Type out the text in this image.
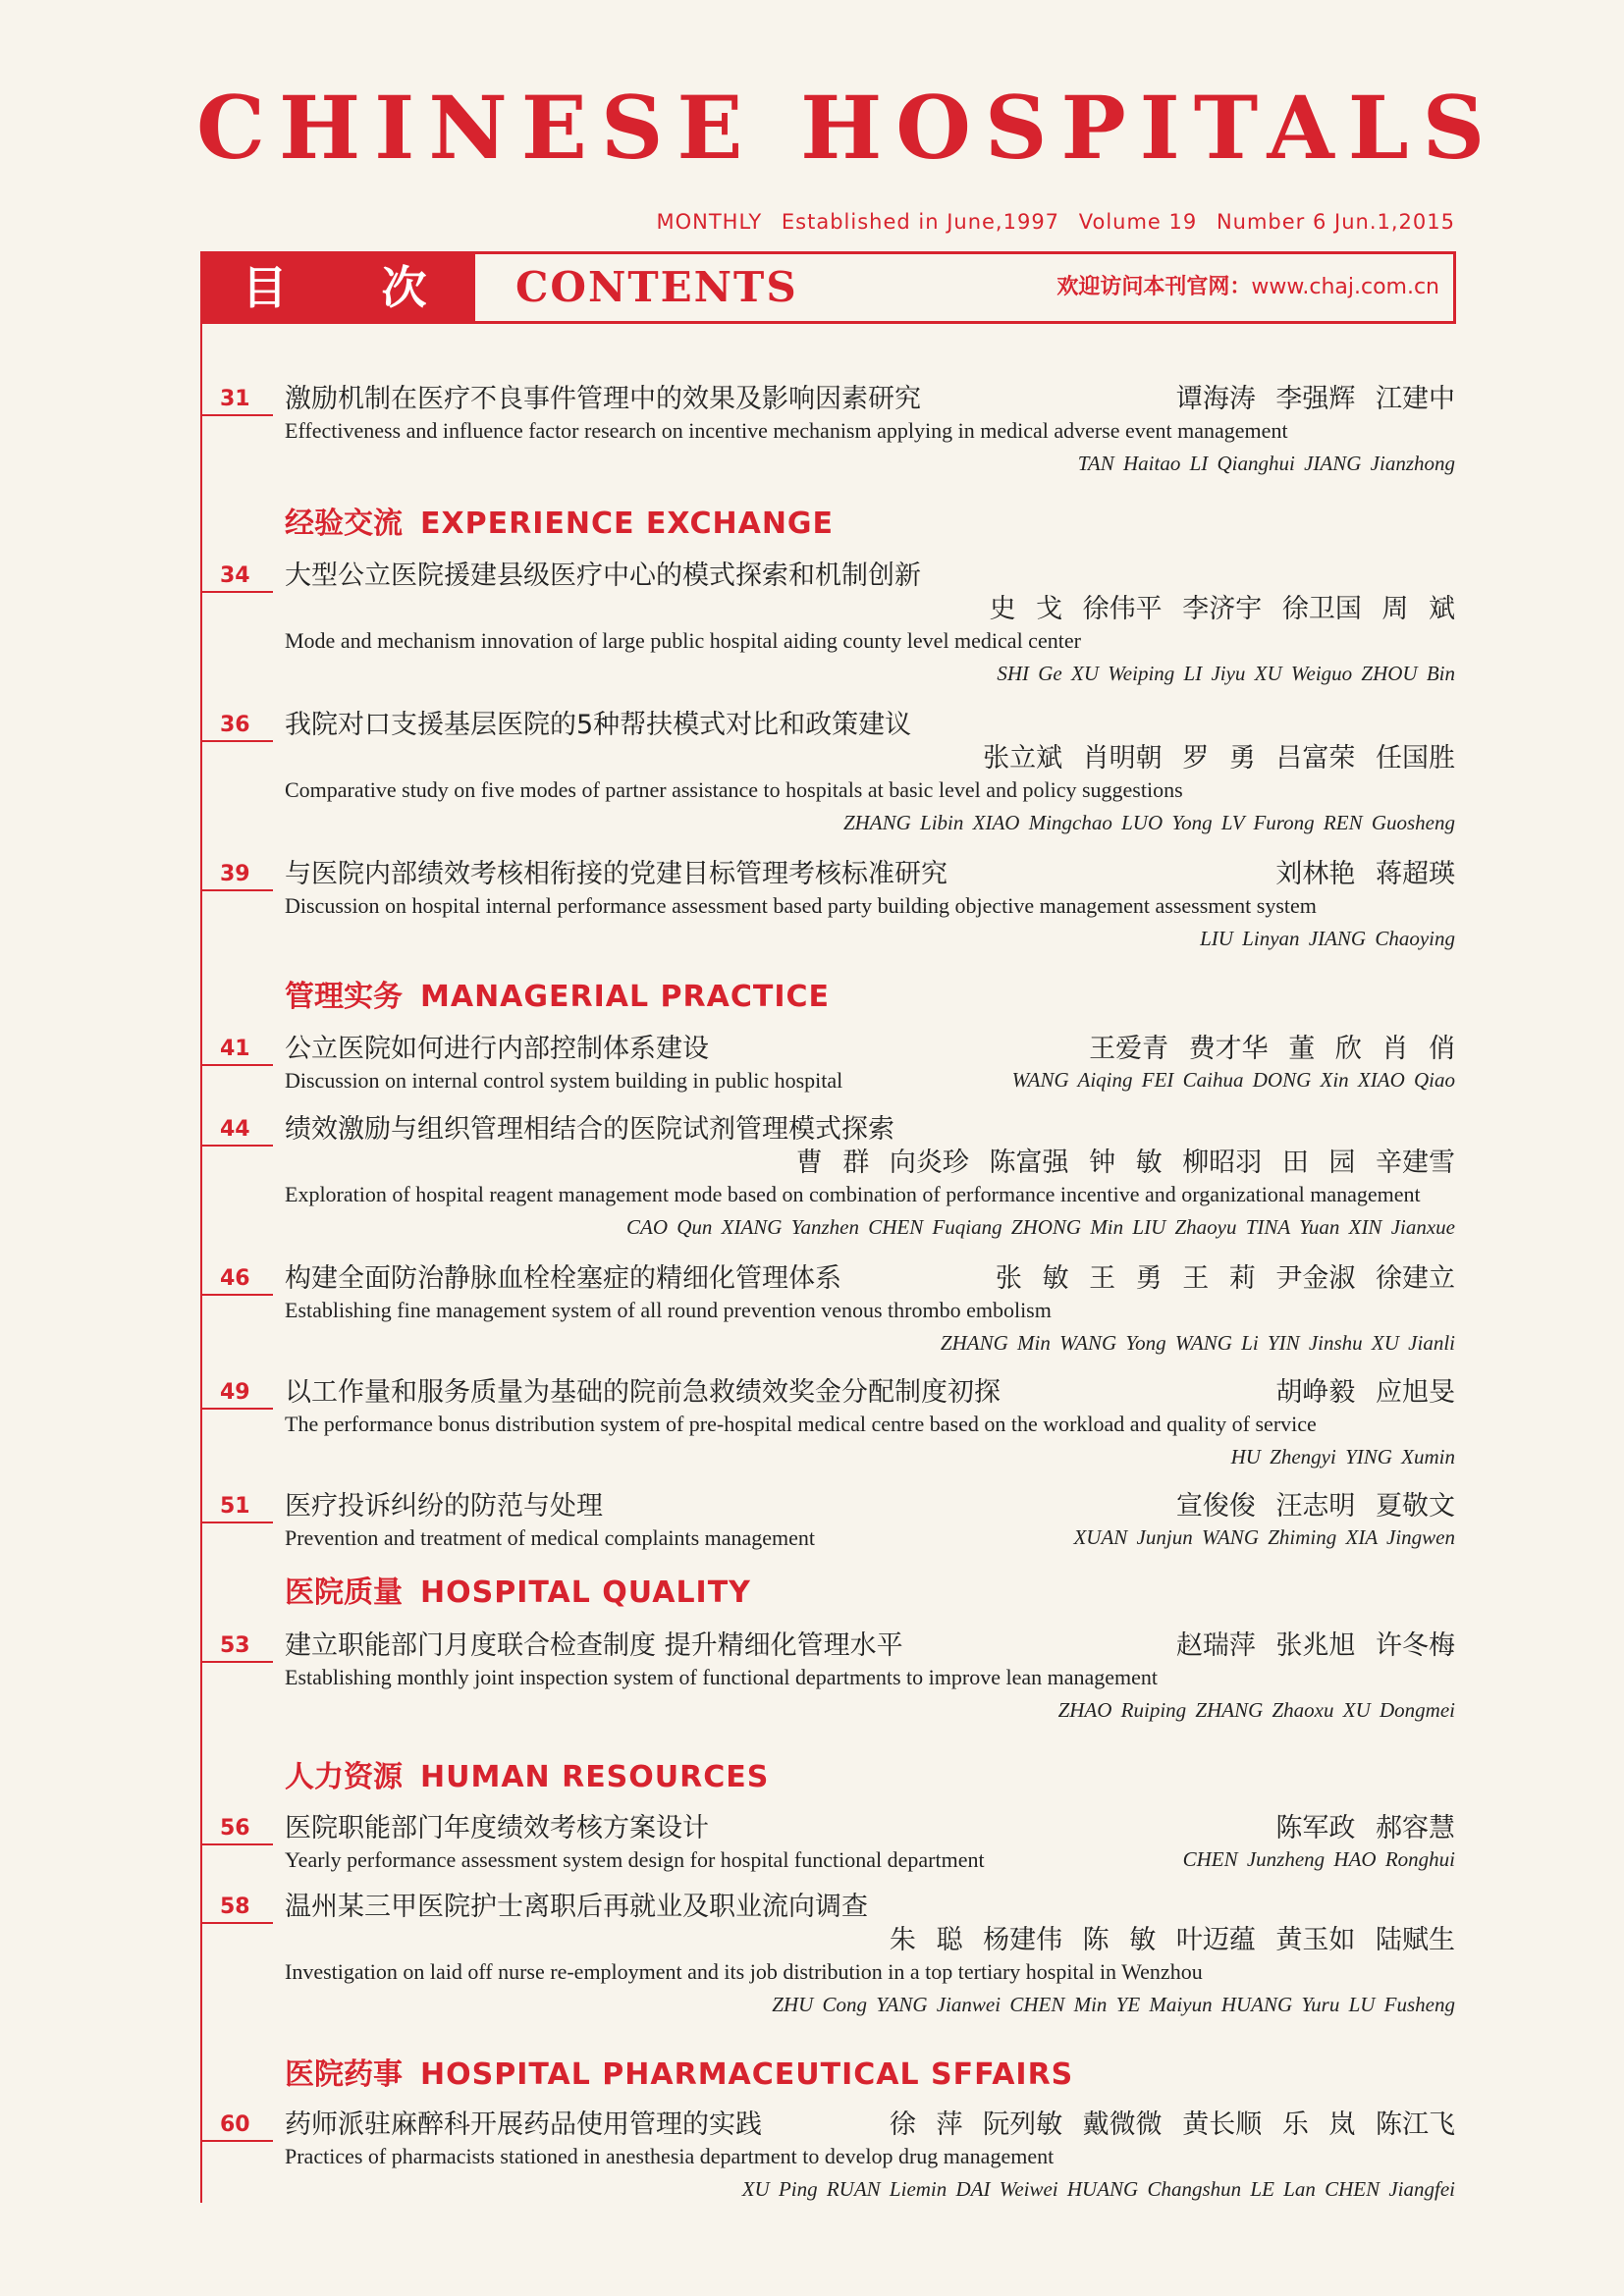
CHINESE HOSPITALS
MONTHLY Established in June,1997 Volume 19 Number 6 Jun.1,2015
目 次 CONTENTS	欢迎访问本刊官网：www.chaj.com.cn
31 激励机制在医疗不良事件管理中的效果及影响因素研究	谭海涛 李强辉 江建中
Effectiveness and influence factor research on incentive mechanism applying in medical adverse event management
TAN Haitao LI Qianghui JIANG Jianzhong
经验交流 EXPERIENCE EXCHANGE
34 大型公立医院援建县级医疗中心的模式探索和机制创新
史 戈 徐伟平 李济宇 徐卫国 周 斌
Mode and mechanism innovation of large public hospital aiding county level medical center
SHI Ge XU Weiping LI Jiyu XU Weiguo ZHOU Bin
36 我院对口支援基层医院的5种帮扶模式对比和政策建议
张立斌 肖明朝 罗 勇 吕富荣 任国胜
Comparative study on five modes of partner assistance to hospitals at basic level and policy suggestions
ZHANG Libin XIAO Mingchao LUO Yong LV Furong REN Guosheng
39 与医院内部绩效考核相衔接的党建目标管理考核标准研究	刘林艳 蒋超瑛
Discussion on hospital internal performance assessment based party building objective management assessment system
LIU Linyan JIANG Chaoying
管理实务 MANAGERIAL PRACTICE
41 公立医院如何进行内部控制体系建设	王爱青 费才华 董 欣 肖 俏
Discussion on internal control system building in public hospital	WANG Aiqing FEI Caihua DONG Xin XIAO Qiao
44 绩效激励与组织管理相结合的医院试剂管理模式探索
曹 群 向炎珍 陈富强 钟 敏 柳昭羽 田 园 辛建雪
Exploration of hospital reagent management mode based on combination of performance incentive and organizational management
CAO Qun XIANG Yanzhen CHEN Fuqiang ZHONG Min LIU Zhaoyu TINA Yuan XIN Jianxue
46 构建全面防治静脉血栓栓塞症的精细化管理体系	张 敏 王 勇 王 莉 尹金淑 徐建立
Establishing fine management system of all round prevention venous thrombo embolism
ZHANG Min WANG Yong WANG Li YIN Jinshu XU Jianli
49 以工作量和服务质量为基础的院前急救绩效奖金分配制度初探	胡峥毅 应旭旻
The performance bonus distribution system of pre-hospital medical centre based on the workload and quality of service
HU Zhengyi YING Xumin
51 医疗投诉纠纷的防范与处理	宣俊俊 汪志明 夏敬文
Prevention and treatment of medical complaints management	XUAN Junjun WANG Zhiming XIA Jingwen
医院质量 HOSPITAL QUALITY
53 建立职能部门月度联合检查制度 提升精细化管理水平	赵瑞萍 张兆旭 许冬梅
Establishing monthly joint inspection system of functional departments to improve lean management
ZHAO Ruiping ZHANG Zhaoxu XU Dongmei
人力资源 HUMAN RESOURCES
56 医院职能部门年度绩效考核方案设计	陈军政 郝容慧
Yearly performance assessment system design for hospital functional department	CHEN Junzheng HAO Ronghui
58 温州某三甲医院护士离职后再就业及职业流向调查
朱 聪 杨建伟 陈 敏 叶迈蕴 黄玉如 陆赋生
Investigation on laid off nurse re-employment and its job distribution in a top tertiary hospital in Wenzhou
ZHU Cong YANG Jianwei CHEN Min YE Maiyun HUANG Yuru LU Fusheng
医院药事 HOSPITAL PHARMACEUTICAL SFFAIRS
60 药师派驻麻醉科开展药品使用管理的实践	徐 萍 阮列敏 戴微微 黄长顺 乐 岚 陈江飞
Practices of pharmacists stationed in anesthesia department to develop drug management
XU Ping RUAN Liemin DAI Weiwei HUANG Changshun LE Lan CHEN Jiangfei
